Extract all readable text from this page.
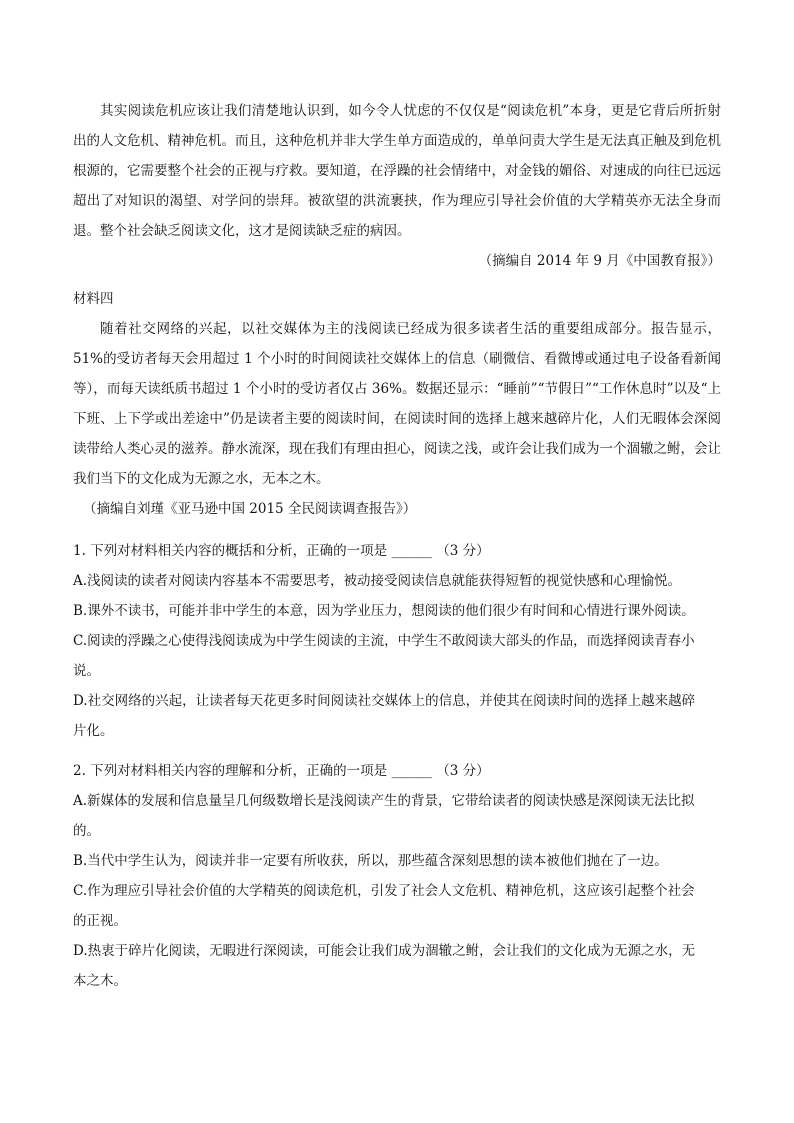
其实阅读危机应该让我们清楚地认识到，如今令人忧虑的不仅仅是“阅读危机”本身，更是它背后所折射出的人文危机、精神危机。而且，这种危机并非大学生单方面造成的，单单问责大学生是无法真正触及到危机根源的，它需要整个社会的正视与疗救。要知道，在浮躁的社会情绪中，对金钱的媚俗、对速成的向往已远远超出了对知识的渴望、对学问的崇拜。被欲望的洪流裹挟，作为理应引导社会价值的大学精英亦无法全身而退。整个社会缺乏阅读文化，这才是阅读缺乏症的病因。

（摘编自 2014 年 9 月《中国教育报》）

材料四

随着社交网络的兴起，以社交媒体为主的浅阅读已经成为很多读者生活的重要组成部分。报告显示，51%的受访者每天会用超过 1 个小时的时间阅读社交媒体上的信息（刷微信、看微博或通过电子设备看新闻等），而每天读纸质书超过 1 个小时的受访者仅占 36%。数据还显示：“睡前”“节假日”“工作休息时”以及“上下班、上下学或出差途中”仍是读者主要的阅读时间，在阅读时间的选择上越来越碎片化，人们无暇体会深阅读带给人类心灵的滋养。静水流深，现在我们有理由担心，阅读之浅，或许会让我们成为一个涸辙之鲋，会让我们当下的文化成为无源之水，无本之木。

（摘编自刘瑾《亚马逊中国 2015 全民阅读调查报告》）

1. 下列对材料相关内容的概括和分析，正确的一项是 ______ （3 分）

A.浅阅读的读者对阅读内容基本不需要思考，被动接受阅读信息就能获得短暂的视觉快感和心理愉悦。

B.课外不读书，可能并非中学生的本意，因为学业压力，想阅读的他们很少有时间和心情进行课外阅读。

C.阅读的浮躁之心使得浅阅读成为中学生阅读的主流，中学生不敢阅读大部头的作品，而选择阅读青春小

说。

D.社交网络的兴起，让读者每天花更多时间阅读社交媒体上的信息，并使其在阅读时间的选择上越来越碎

片化。

2. 下列对材料相关内容的理解和分析，正确的一项是 ______ （3 分）

A.新媒体的发展和信息量呈几何级数增长是浅阅读产生的背景，它带给读者的阅读快感是深阅读无法比拟

的。

B.当代中学生认为，阅读并非一定要有所收获，所以，那些蕴含深刻思想的读本被他们抛在了一边。

C.作为理应引导社会价值的大学精英的阅读危机，引发了社会人文危机、精神危机，这应该引起整个社会

的正视。

D.热衷于碎片化阅读，无暇进行深阅读，可能会让我们成为涸辙之鲋，会让我们的文化成为无源之水，无

本之木。
